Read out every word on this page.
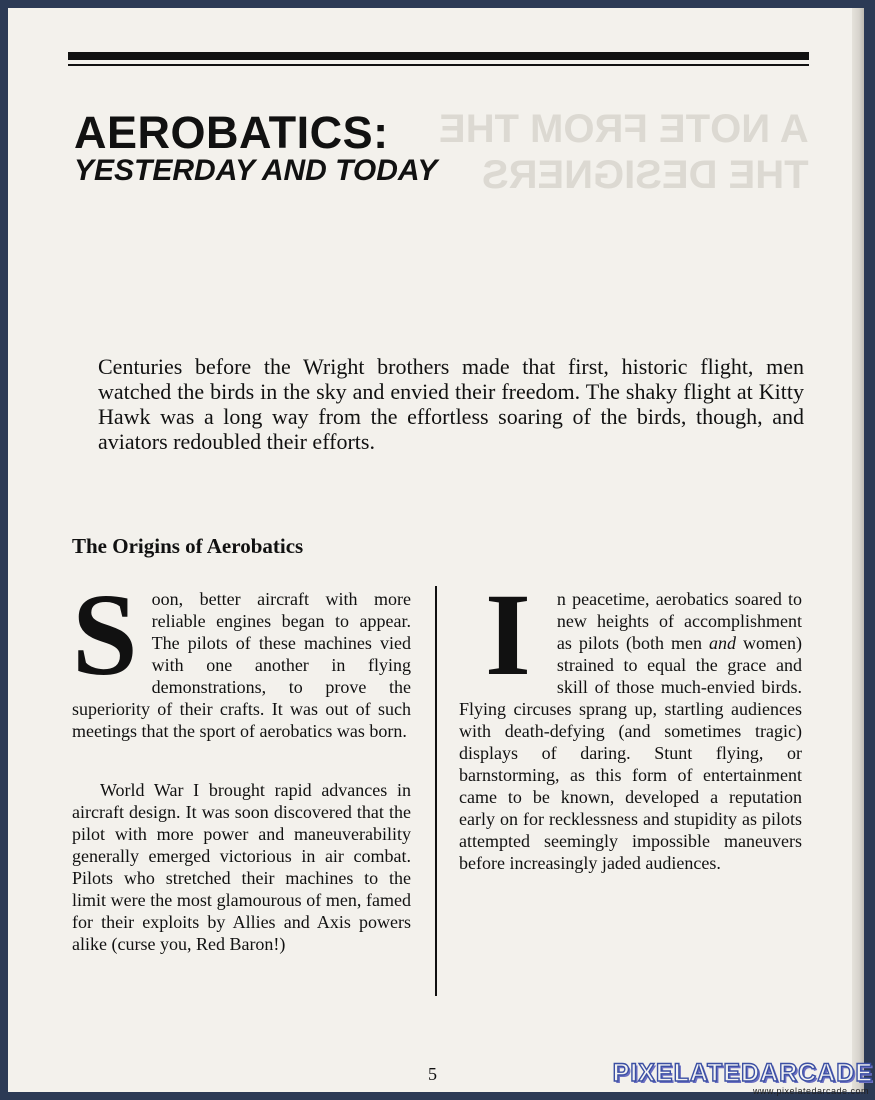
A NOTE FROM THE
THE DESIGNERS
AEROBATICS:
YESTERDAY AND TODAY

Centuries before the Wright brothers made that first, historic flight, men watched the birds in the sky and envied their freedom. The shaky flight at Kitty Hawk was a long way from the effortless soaring of the birds, though, and aviators redoubled their efforts.

The Origins of Aerobatics

Soon, better aircraft with more reliable engines began to appear. The pilots of these machines vied with one another in flying demonstrations, to prove the superiority of their crafts. It was out of such meetings that the sport of aerobatics was born.

World War I brought rapid advances in aircraft design. It was soon discovered that the pilot with more power and maneuverability generally emerged victorious in air combat. Pilots who stretched their machines to the limit were the most glamourous of men, famed for their exploits by Allies and Axis powers alike (curse you, Red Baron!)

I n peacetime, aerobatics soared to new heights of accomplishment as pilots (both men and women) strained to equal the grace and skill of those much-envied birds. Flying circuses sprang up, startling audiences with death-defying (and sometimes tragic) displays of daring. Stunt flying, or barnstorming, as this form of entertainment came to be known, developed a reputation early on for recklessness and stupidity as pilots attempted seemingly impossible maneuvers before increasingly jaded audiences.

5	PIXELATEDARCADE
www.pixelatedarcade.com
